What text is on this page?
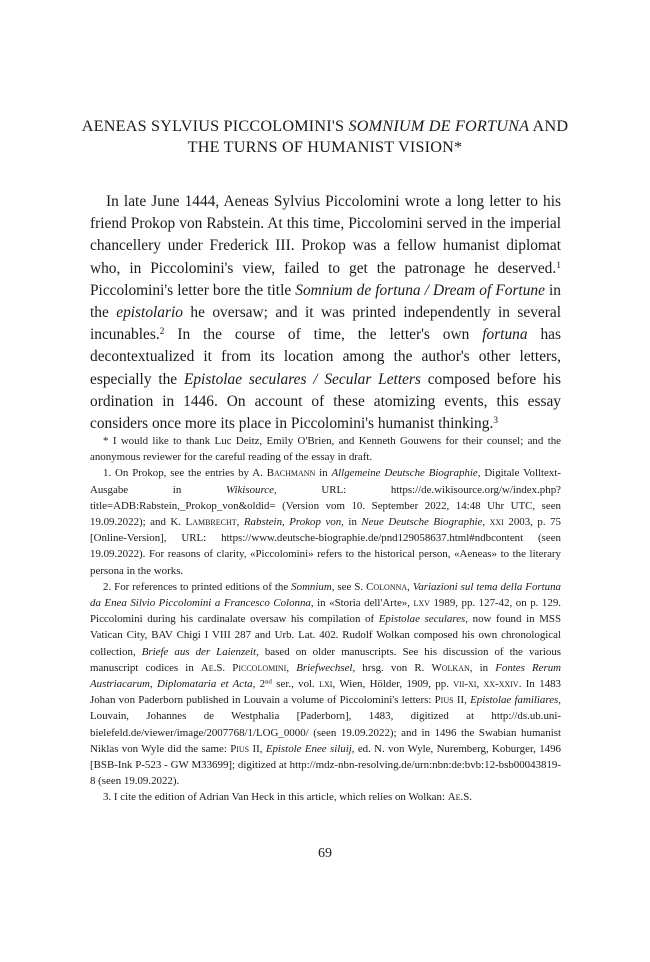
AENEAS SYLVIUS PICCOLOMINI'S SOMNIUM DE FORTUNA AND THE TURNS OF HUMANIST VISION*

In late June 1444, Aeneas Sylvius Piccolomini wrote a long letter to his friend Prokop von Rabstein. At this time, Piccolomini served in the imperial chancellery under Frederick III. Prokop was a fellow humanist diplomat who, in Piccolomini's view, failed to get the patronage he deserved.$^1$ Piccolomini's letter bore the title Somnium de fortuna / Dream of Fortune in the epistolario he oversaw; and it was printed independently in several incunables.$^2$ In the course of time, the letter's own fortuna has decontextualized it from its location among the author's other letters, especially the Epistolae seculares / Secular Letters composed before his ordination in 1446. On account of these atomizing events, this essay considers once more its place in Piccolomini's humanist thinking.$^3$

* I would like to thank Luc Deitz, Emily O'Brien, and Kenneth Gouwens for their counsel; and the anonymous reviewer for the careful reading of the essay in draft.

1. On Prokop, see the entries by A. Bachmann in Allgemeine Deutsche Biographie, Digitale Volltext-Ausgabe in Wikisource, URL: https://de.wikisource.org/w/index.php?title=ADB:Rabstein,_Prokop_von&oldid= (Version vom 10. September 2022, 14:48 Uhr UTC, seen 19.09.2022); and K. Lambrecht, Rabstein, Prokop von, in Neue Deutsche Biographie, xxi 2003, p. 75 [Online-Version], URL: https://www.deutsche-biographie.de/pnd129058637.html#ndbcontent (seen 19.09.2022). For reasons of clarity, «Piccolomini» refers to the historical person, «Aeneas» to the literary persona in the works.

2. For references to printed editions of the Somnium, see S. Colonna, Variazioni sul tema della Fortuna da Enea Silvio Piccolomini a Francesco Colonna, in «Storia dell'Arte», lxv 1989, pp. 127-42, on p. 129. Piccolomini during his cardinalate oversaw his compilation of Epistolae seculares, now found in MSS Vatican City, BAV Chigi I VIII 287 and Urb. Lat. 402. Rudolf Wolkan composed his own chronological collection, Briefe aus der Laienzeit, based on older manuscripts. See his discussion of the various manuscript codices in Ae.S. Piccolomini, Briefwechsel, hrsg. von R. Wolkan, in Fontes Rerum Austriacarum, Diplomataria et Acta, 2nd ser., vol. lxi, Wien, Hölder, 1909, pp. vii-xi, xx-xxiv. In 1483 Johan von Paderborn published in Louvain a volume of Piccolomini's letters: Pius II, Epistolae familiares, Louvain, Johannes de Westphalia [Paderborn], 1483, digitized at http://ds.ub.uni-bielefeld.de/viewer/image/2007768/1/LOG_0000/ (seen 19.09.2022); and in 1496 the Swabian humanist Niklas von Wyle did the same: Pius II, Epistole Enee siluij, ed. N. von Wyle, Nuremberg, Koburger, 1496 [BSB-Ink P-523 - GW M33699]; digitized at http://mdz-nbn-resolving.de/urn:nbn:de:bvb:12-bsb00043819-8 (seen 19.09.2022).

3. I cite the edition of Adrian Van Heck in this article, which relies on Wolkan: Ae.S.

69
